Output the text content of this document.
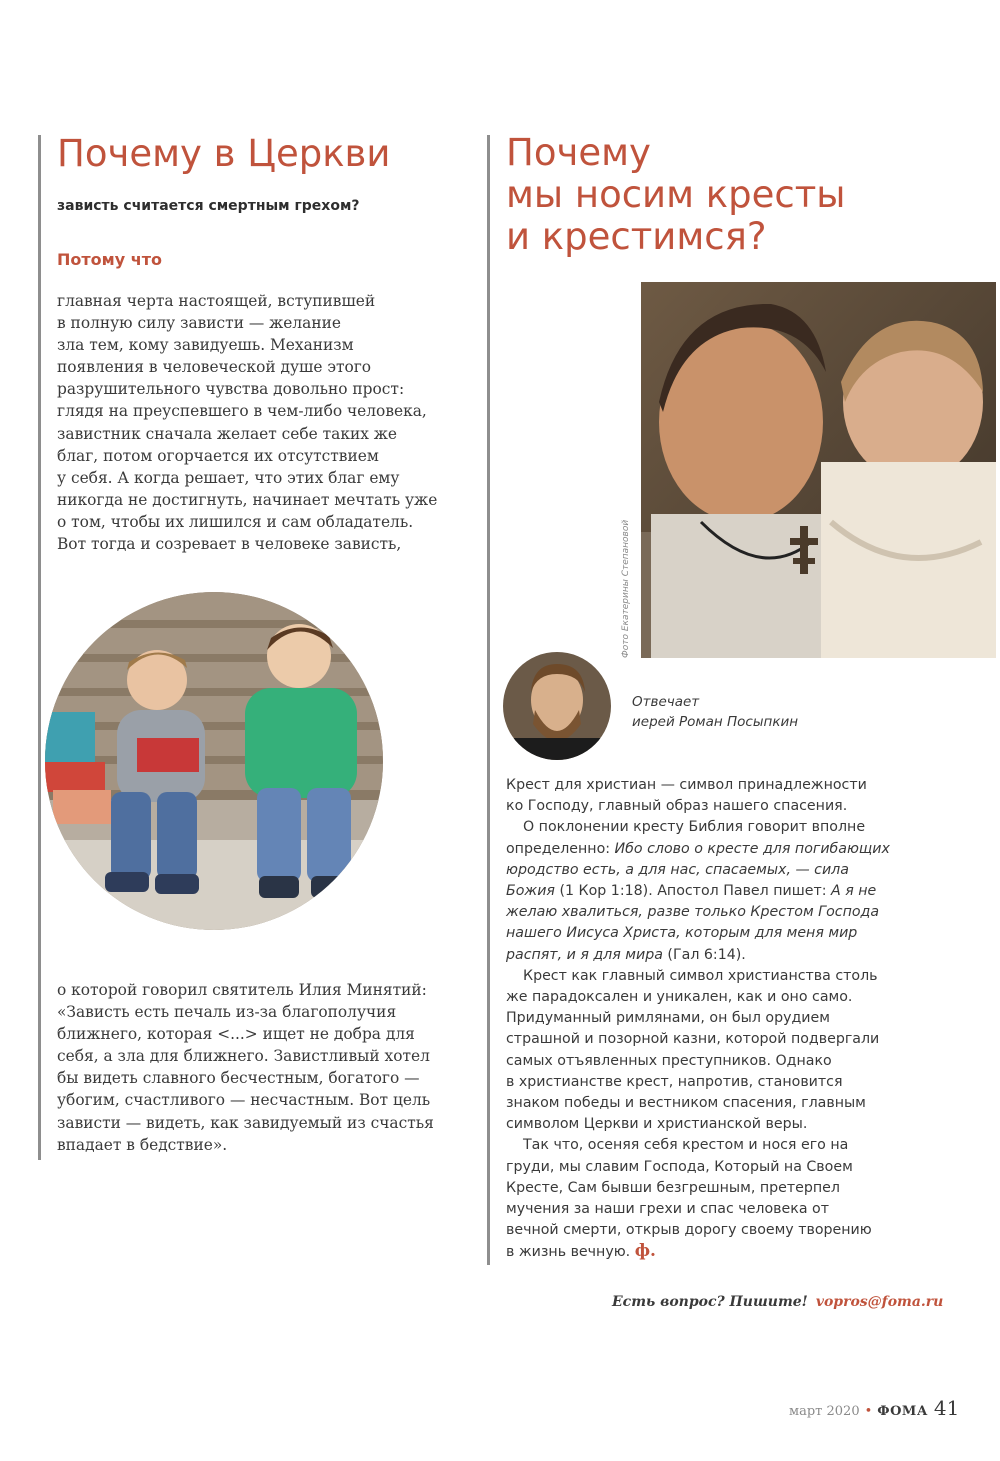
Почему в Церкви
зависть считается смертным грехом?
Потому что
главная черта настоящей, вступившей
в полную силу зависти — желание
зла тем, кому завидуешь. Механизм
появления в человеческой душе этого
разрушительного чувства довольно прост:
глядя на преуспевшего в чем-либо человека,
завистник сначала желает себе таких же
благ, потом огорчается их отсутствием
у себя. А когда решает, что этих благ ему
никогда не достигнуть, начинает мечтать уже
о том, чтобы их лишился и сам обладатель.
Вот тогда и созревает в человеке зависть,
о которой говорил святитель Илия Минятий:
«Зависть есть печаль из-за благополучия
ближнего, которая <...> ищет не добра для
себя, а зла для ближнего. Завистливый хотел
бы видеть славного бесчестным, богатого —
убогим, счастливого — несчастным. Вот цель
зависти — видеть, как завидуемый из счастья
впадает в бедствие».
Почему
мы носим кресты
и крестимся?
Фото Екатерины Степановой
Отвечает
иерей Роман Посыпкин
Крест для христиан — символ принадлежности
ко Господу, главный образ нашего спасения.
О поклонении кресту Библия говорит вполне
определенно: Ибо слово о кресте для погибающих
юродство есть, а для нас, спасаемых, — сила
Божия (1 Кор 1:18). Апостол Павел пишет: А я не
желаю хвалиться, разве только Крестом Господа
нашего Иисуса Христа, которым для меня мир
распят, и я для мира (Гал 6:14).
Крест как главный символ христианства столь
же парадоксален и уникален, как и оно само.
Придуманный римлянами, он был орудием
страшной и позорной казни, которой подвергали
самых отъявленных преступников. Однако
в христианстве крест, напротив, становится
знаком победы и вестником спасения, главным
символом Церкви и христианской веры.
Так что, осеняя себя крестом и нося его на
груди, мы славим Господа, Который на Своем
Кресте, Сам бывши безгрешным, претерпел
мучения за наши грехи и спас человека от
вечной смерти, открыв дорогу своему творению
в жизнь вечную. ф.
Есть вопрос? Пишите! vopros@foma.ru
март 2020 • ФОМА 41
